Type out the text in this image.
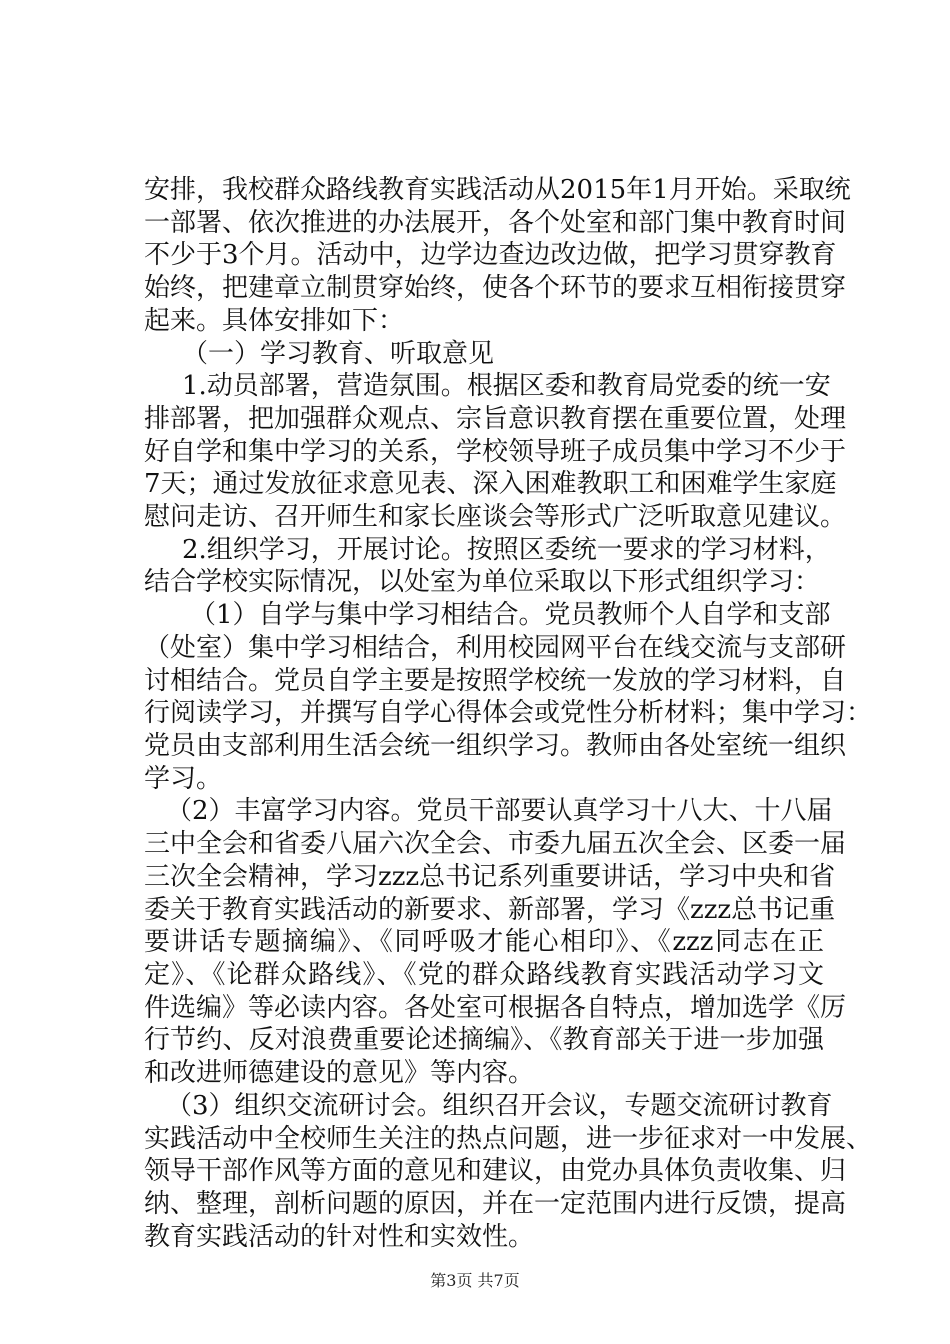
安排，我校群众路线教育实践活动从2015年1月开始。采取统
一部署、依次推进的办法展开，各个处室和部门集中教育时间
不少于3个月。活动中，边学边查边改边做，把学习贯穿教育
始终，把建章立制贯穿始终，使各个环节的要求互相衔接贯穿
起来。具体安排如下：
（一）学习教育、听取意见
1.动员部署，营造氛围。根据区委和教育局党委的统一安
排部署，把加强群众观点、宗旨意识教育摆在重要位置，处理
好自学和集中学习的关系，学校领导班子成员集中学习不少于
7天；通过发放征求意见表、深入困难教职工和困难学生家庭
慰问走访、召开师生和家长座谈会等形式广泛听取意见建议。
2.组织学习，开展讨论。按照区委统一要求的学习材料，
结合学校实际情况，以处室为单位采取以下形式组织学习：
（1）自学与集中学习相结合。党员教师个人自学和支部
（处室）集中学习相结合，利用校园网平台在线交流与支部研
讨相结合。党员自学主要是按照学校统一发放的学习材料，自
行阅读学习，并撰写自学心得体会或党性分析材料；集中学习：
党员由支部利用生活会统一组织学习。教师由各处室统一组织
学习。
（2）丰富学习内容。党员干部要认真学习十八大、十八届
三中全会和省委八届六次全会、市委九届五次全会、区委一届
三次全会精神，学习zzz总书记系列重要讲话，学习中央和省
委关于教育实践活动的新要求、新部署，学习《zzz总书记重
要讲话专题摘编》、《同呼吸才能心相印》、《zzz同志在正
定》、《论群众路线》、《党的群众路线教育实践活动学习文
件选编》等必读内容。各处室可根据各自特点，增加选学《厉
行节约、反对浪费重要论述摘编》、《教育部关于进一步加强
和改进师德建设的意见》等内容。
（3）组织交流研讨会。组织召开会议，专题交流研讨教育
实践活动中全校师生关注的热点问题，进一步征求对一中发展、
领导干部作风等方面的意见和建议，由党办具体负责收集、归
纳、整理，剖析问题的原因，并在一定范围内进行反馈，提高
教育实践活动的针对性和实效性。
第3页 共7页
